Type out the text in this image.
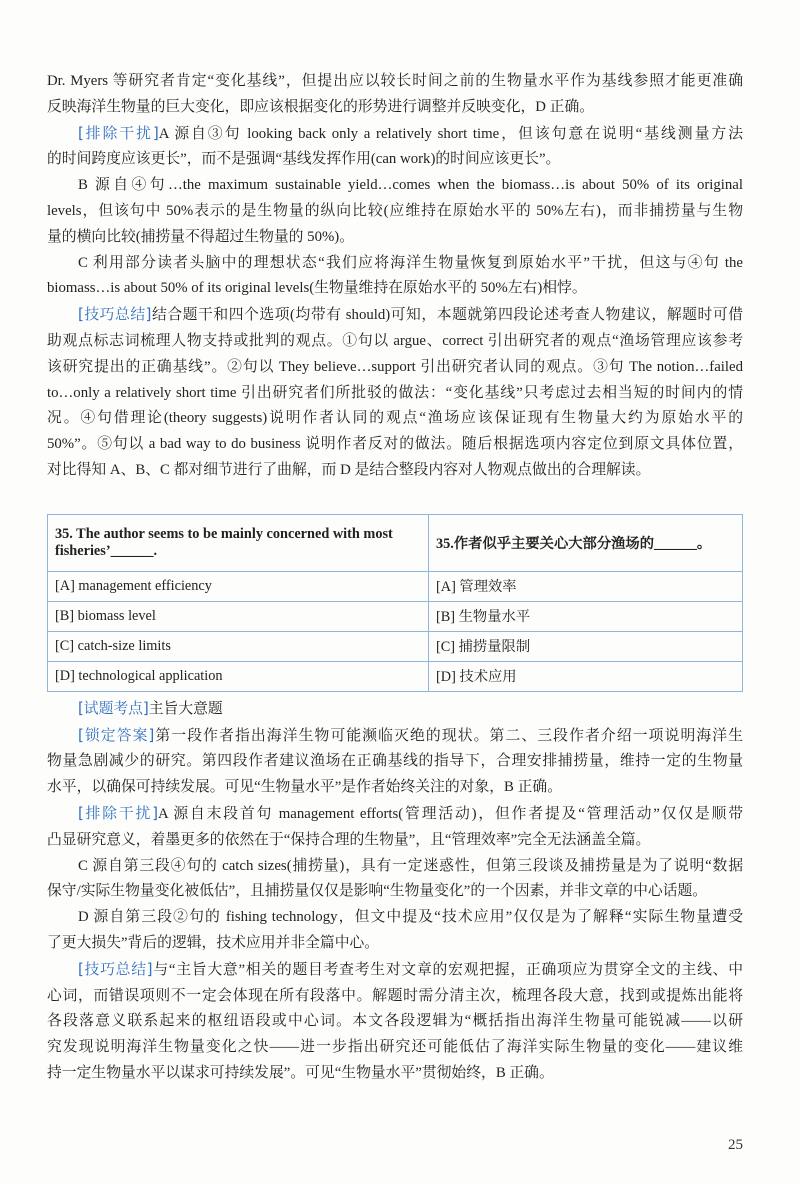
Dr. Myers 等研究者肯定“变化基线”，但提出应以较长时间之前的生物量水平作为基线参照才能更准确
反映海洋生物量的巨大变化，即应该根据变化的形势进行调整并反映变化，D 正确。
[排除干扰]A 源自③句 looking back only a relatively short time，但该句意在说明“基线测量方法
的时间跨度应该更长”，而不是强调“基线发挥作用(can work)的时间应该更长”。
B 源自④句…the maximum sustainable yield…comes when the biomass…is about 50% of its original
levels，但该句中 50%表示的是生物量的纵向比较(应维持在原始水平的 50%左右)，而非捕捞量与生物
量的横向比较(捕捞量不得超过生物量的 50%)。
C 利用部分读者头脑中的理想状态“我们应将海洋生物量恢复到原始水平”干扰，但这与④句 the
biomass…is about 50% of its original levels(生物量维持在原始水平的 50%左右)相悖。
[技巧总结]结合题干和四个选项(均带有 should)可知，本题就第四段论述考查人物建议，解题时可借
助观点标志词梳理人物支持或批判的观点。①句以 argue、correct 引出研究者的观点“渔场管理应该参考
该研究提出的正确基线”。②句以 They believe…support 引出研究者认同的观点。③句 The notion…failed
to…only a relatively short time 引出研究者们所批驳的做法：“变化基线”只考虑过去相当短的时间内的情
况。④句借理论(theory suggests)说明作者认同的观点“渔场应该保证现有生物量大约为原始水平的
50%”。⑤句以 a bad way to do business 说明作者反对的做法。随后根据选项内容定位到原文具体位置，
对比得知 A、B、C 都对细节进行了曲解，而 D 是结合整段内容对人物观点做出的合理解读。
35. The author seems to be mainly concerned with most
fisheries’______.	35.作者似乎主要关心大部分渔场的______。
[A] management efficiency	[A] 管理效率
[B] biomass level	[B] 生物量水平
[C] catch-size limits	[C] 捕捞量限制
[D] technological application	[D] 技术应用
[试题考点]主旨大意题
[锁定答案]第一段作者指出海洋生物可能濒临灭绝的现状。第二、三段作者介绍一项说明海洋生
物量急剧减少的研究。第四段作者建议渔场在正确基线的指导下，合理安排捕捞量，维持一定的生物量
水平，以确保可持续发展。可见“生物量水平”是作者始终关注的对象，B 正确。
[排除干扰]A 源自末段首句 management efforts(管理活动)，但作者提及“管理活动”仅仅是顺带
凸显研究意义，着墨更多的依然在于“保持合理的生物量”，且“管理效率”完全无法涵盖全篇。
C 源自第三段④句的 catch sizes(捕捞量)，具有一定迷惑性，但第三段谈及捕捞量是为了说明“数据
保守/实际生物量变化被低估”，且捕捞量仅仅是影响“生物量变化”的一个因素，并非文章的中心话题。
D 源自第三段②句的 fishing technology，但文中提及“技术应用”仅仅是为了解释“实际生物量遭受
了更大损失”背后的逻辑，技术应用并非全篇中心。
[技巧总结]与“主旨大意”相关的题目考查考生对文章的宏观把握，正确项应为贯穿全文的主线、中
心词，而错误项则不一定会体现在所有段落中。解题时需分清主次，梳理各段大意，找到或提炼出能将
各段落意义联系起来的枢纽语段或中心词。本文各段逻辑为“概括指出海洋生物量可能锐减——以研
究发现说明海洋生物量变化之快——进一步指出研究还可能低估了海洋实际生物量的变化——建议维
持一定生物量水平以谋求可持续发展”。可见“生物量水平”贯彻始终，B 正确。
25
